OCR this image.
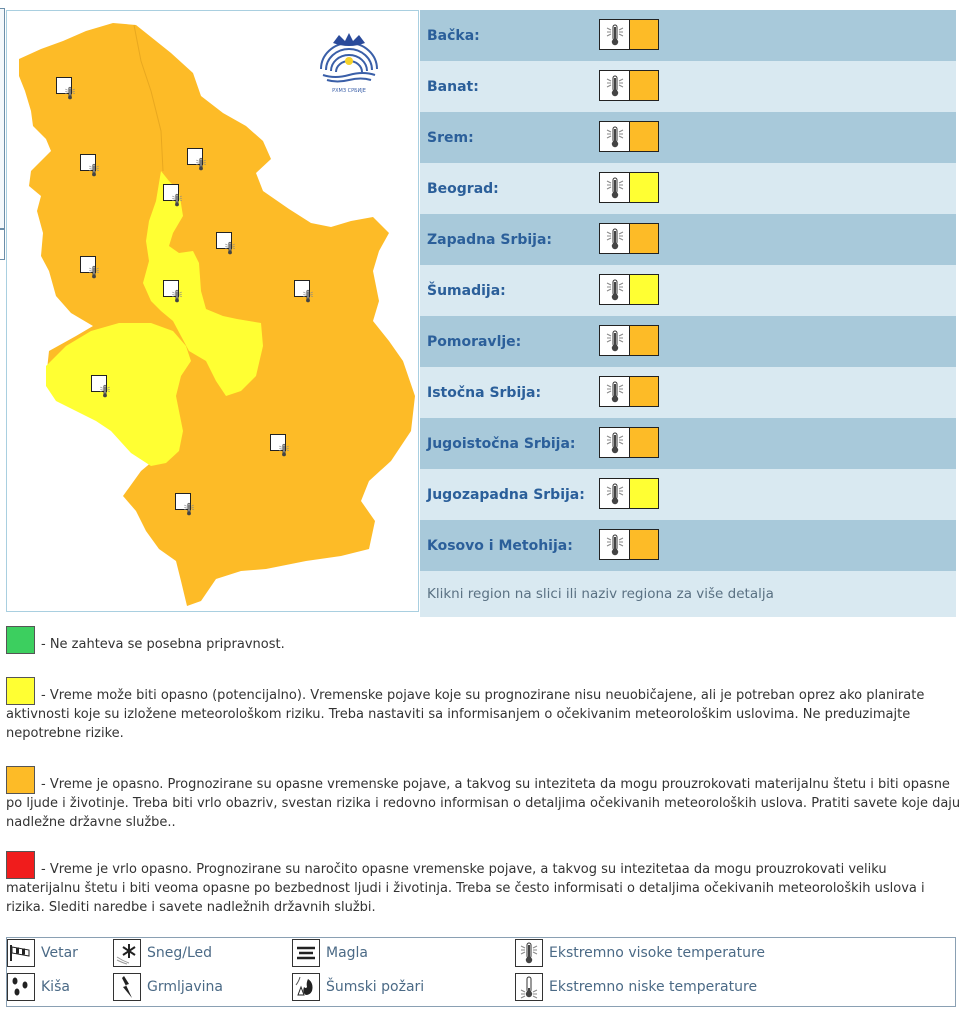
РХМЗ СРБИЈЕ
Bačka:
Banat:
Srem:
Beograd:
Zapadna Srbija:
Šumadija:
Pomoravlje:
Istočna Srbija:
Jugoistočna Srbija:
Jugozapadna Srbija:
Kosovo i Metohija:
Klikni region na slici ili naziv regiona za više detalja
- Ne zahteva se posebna pripravnost.
- Vreme može biti opasno (potencijalno). Vremenske pojave koje su prognozirane nisu neuobičajene, ali je potreban oprez ako planirate aktivnosti koje su izložene meteorološkom riziku. Treba nastaviti sa informisanjem o očekivanim meteorološkim uslovima. Ne preduzimajte nepotrebne rizike.
- Vreme je opasno. Prognozirane su opasne vremenske pojave, a takvog su inteziteta da mogu prouzrokovati materijalnu štetu i biti opasne po ljude i životinje. Treba biti vrlo obazriv, svestan rizika i redovno informisan o detaljima očekivanih meteoroloških uslova. Pratiti savete koje daju nadležne državne službe..
- Vreme je vrlo opasno. Prognozirane su naročito opasne vremenske pojave, a takvog su intezitetaa da mogu prouzrokovati veliku materijalnu štetu i biti veoma opasne po bezbednost ljudi i životinja. Treba se često informisati o detaljima očekivanih meteoroloških uslova i rizika. Slediti naredbe i savete nadležnih državnih službi.
Vetar	Sneg/Led	Magla	Ekstremno visoke temperature
Kiša	Grmljavina	Šumski požari	Ekstremno niske temperature
